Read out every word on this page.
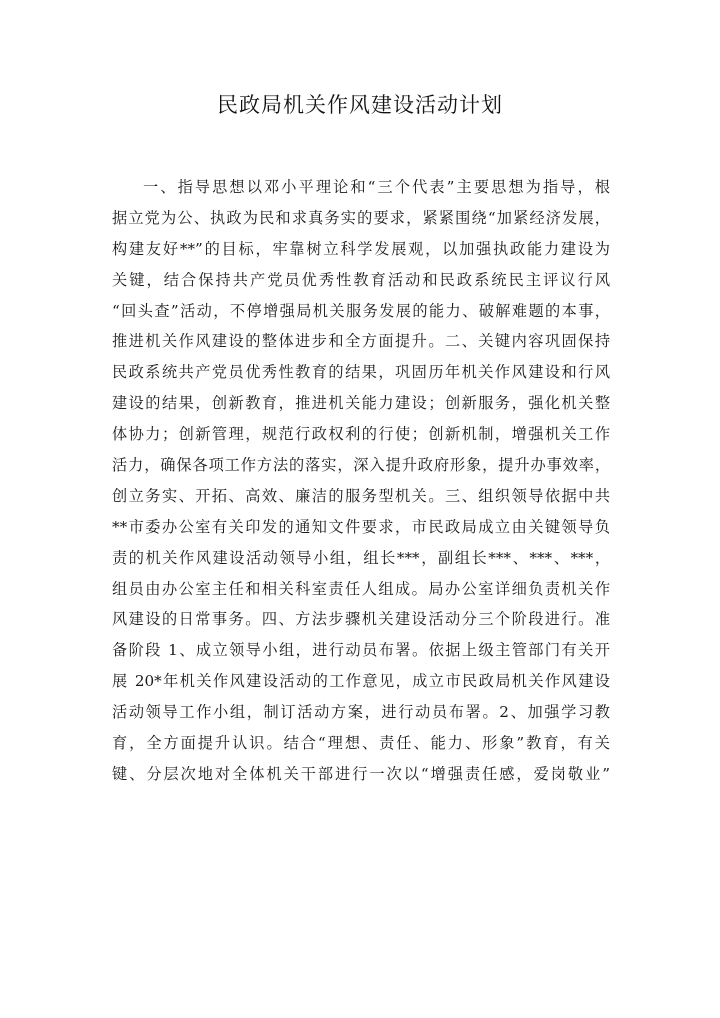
民政局机关作风建设活动计划
一、指导思想以邓小平理论和“三个代表”主要思想为指导，根
据立党为公、执政为民和求真务实的要求，紧紧围绕“加紧经济发展，
构建友好**”的目标，牢靠树立科学发展观，以加强执政能力建设为
关键，结合保持共产党员优秀性教育活动和民政系统民主评议行风
“回头查”活动，不停增强局机关服务发展的能力、破解难题的本事，
推进机关作风建设的整体进步和全方面提升。二、关键内容巩固保持
民政系统共产党员优秀性教育的结果，巩固历年机关作风建设和行风
建设的结果，创新教育，推进机关能力建设；创新服务，强化机关整
体协力；创新管理，规范行政权利的行使；创新机制，增强机关工作
活力，确保各项工作方法的落实，深入提升政府形象，提升办事效率，
创立务实、开拓、高效、廉洁的服务型机关。三、组织领导依据中共
**市委办公室有关印发的通知文件要求，市民政局成立由关键领导负
责的机关作风建设活动领导小组，组长***，副组长***、***、***，
组员由办公室主任和相关科室责任人组成。局办公室详细负责机关作
风建设的日常事务。四、方法步骤机关建设活动分三个阶段进行。准
备阶段 1、成立领导小组，进行动员布署。依据上级主管部门有关开
展 20*年机关作风建设活动的工作意见，成立市民政局机关作风建设
活动领导工作小组，制订活动方案，进行动员布署。2、加强学习教
育，全方面提升认识。结合“理想、责任、能力、形象”教育，有关
键、分层次地对全体机关干部进行一次以“增强责任感，爱岗敬业”
